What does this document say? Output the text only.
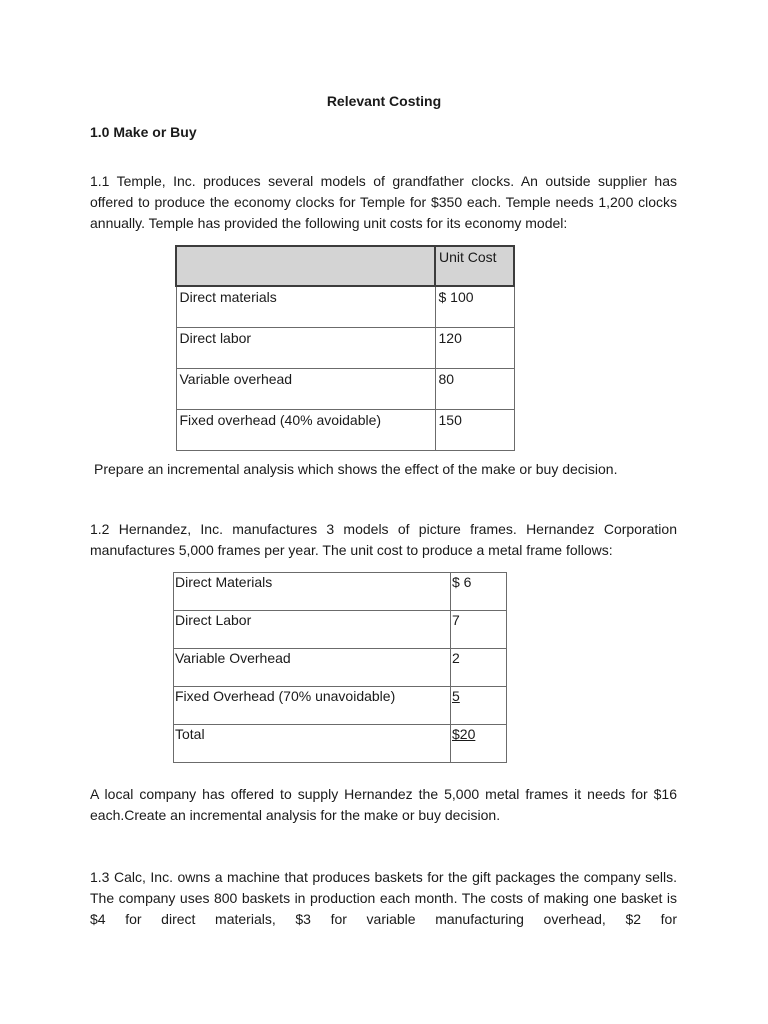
Relevant Costing
1.0 Make or Buy
1.1 Temple, Inc. produces several models of grandfather clocks. An outside supplier has offered to produce the economy clocks for Temple for $350 each. Temple needs 1,200 clocks annually. Temple has provided the following unit costs for its economy model:
	Unit Cost
Direct materials	$ 100
Direct labor	120
Variable overhead	80
Fixed overhead (40% avoidable)	150
Prepare an incremental analysis which shows the effect of the make or buy decision.
1.2 Hernandez, Inc. manufactures 3 models of picture frames. Hernandez Corporation manufactures 5,000 frames per year. The unit cost to produce a metal frame follows:
Direct Materials	$ 6
Direct Labor	7
Variable Overhead	2
Fixed Overhead (70% unavoidable)	5
Total	$20
A local company has offered to supply Hernandez the 5,000 metal frames it needs for $16 each.Create an incremental analysis for the make or buy decision.
1.3 Calc, Inc. owns a machine that produces baskets for the gift packages the company sells. The company uses 800 baskets in production each month. The costs of making one basket is $4 for direct materials, $3 for variable manufacturing overhead, $2 for
